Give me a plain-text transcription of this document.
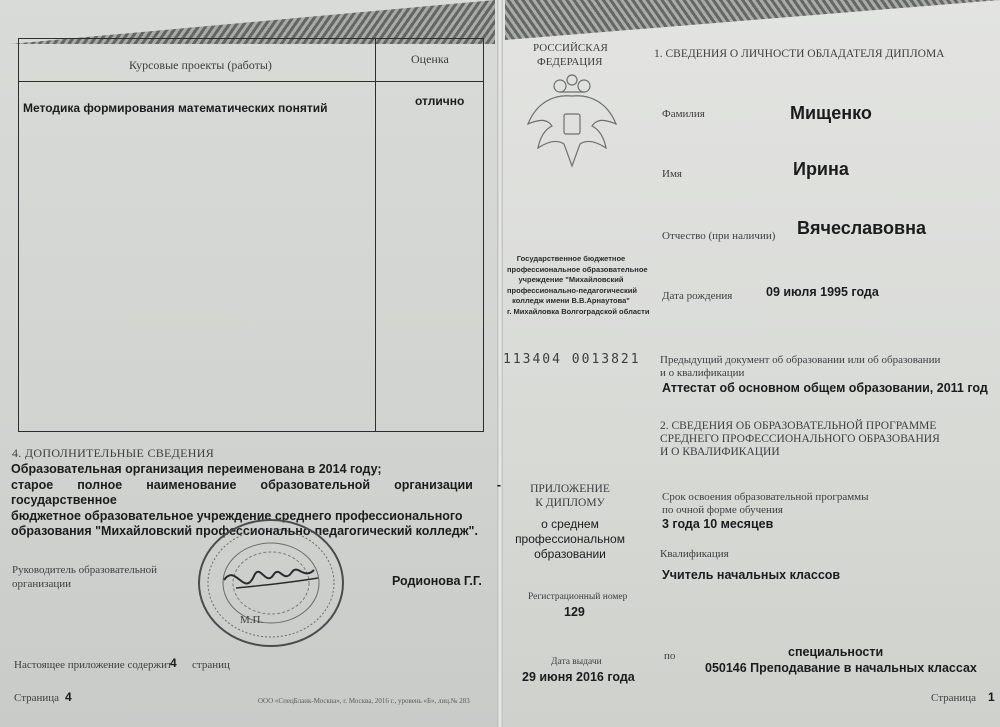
Курсовые проекты (работы)	Оценка
Методика формирования математических понятий	отлично
4. ДОПОЛНИТЕЛЬНЫЕ СВЕДЕНИЯ
Образовательная организация переименована в 2014 году;
старое полное наименование образовательной организации - государственное
бюджетное образовательное учреждение среднего профессионального
образования "Михайловский профессионально-педагогический колледж".
Руководитель образовательной
организации
М.П.
Родионова Г.Г.
Настоящее приложение содержит
4 страниц
Страница 4	ООО «СпецБланк-Москва», г. Москва, 2016 г., уровень «Б», лиц.№ 283
РОССИЙСКАЯ
ФЕДЕРАЦИЯ
Государственное бюджетное
профессиональное образовательное
учреждение "Михайловский
профессионально-педагогический
колледж имени В.В.Арнаутова"
г. Михайловка Волгоградской области
113404 0013821
ПРИЛОЖЕНИЕ
К ДИПЛОМУ
о среднем
профессиональном
образовании
Регистрационный номер
129
Дата выдачи
29 июня 2016 года
1. СВЕДЕНИЯ О ЛИЧНОСТИ ОБЛАДАТЕЛЯ ДИПЛОМА
Фамилия	Мищенко
Имя	Ирина
Отчество (при наличии) Вячеславовна
Дата рождения	09 июля 1995 года
Предыдущий документ об образовании или об образовании
и о квалификации
Аттестат об основном общем образовании, 2011 год
2. СВЕДЕНИЯ ОБ ОБРАЗОВАТЕЛЬНОЙ ПРОГРАММЕ
СРЕДНЕГО ПРОФЕССИОНАЛЬНОГО ОБРАЗОВАНИЯ
И О КВАЛИФИКАЦИИ
Срок освоения образовательной программы
по очной форме обучения
3 года 10 месяцев
Квалификация
Учитель начальных классов
по	специальности
050146 Преподавание в начальных классах
Страница 1
